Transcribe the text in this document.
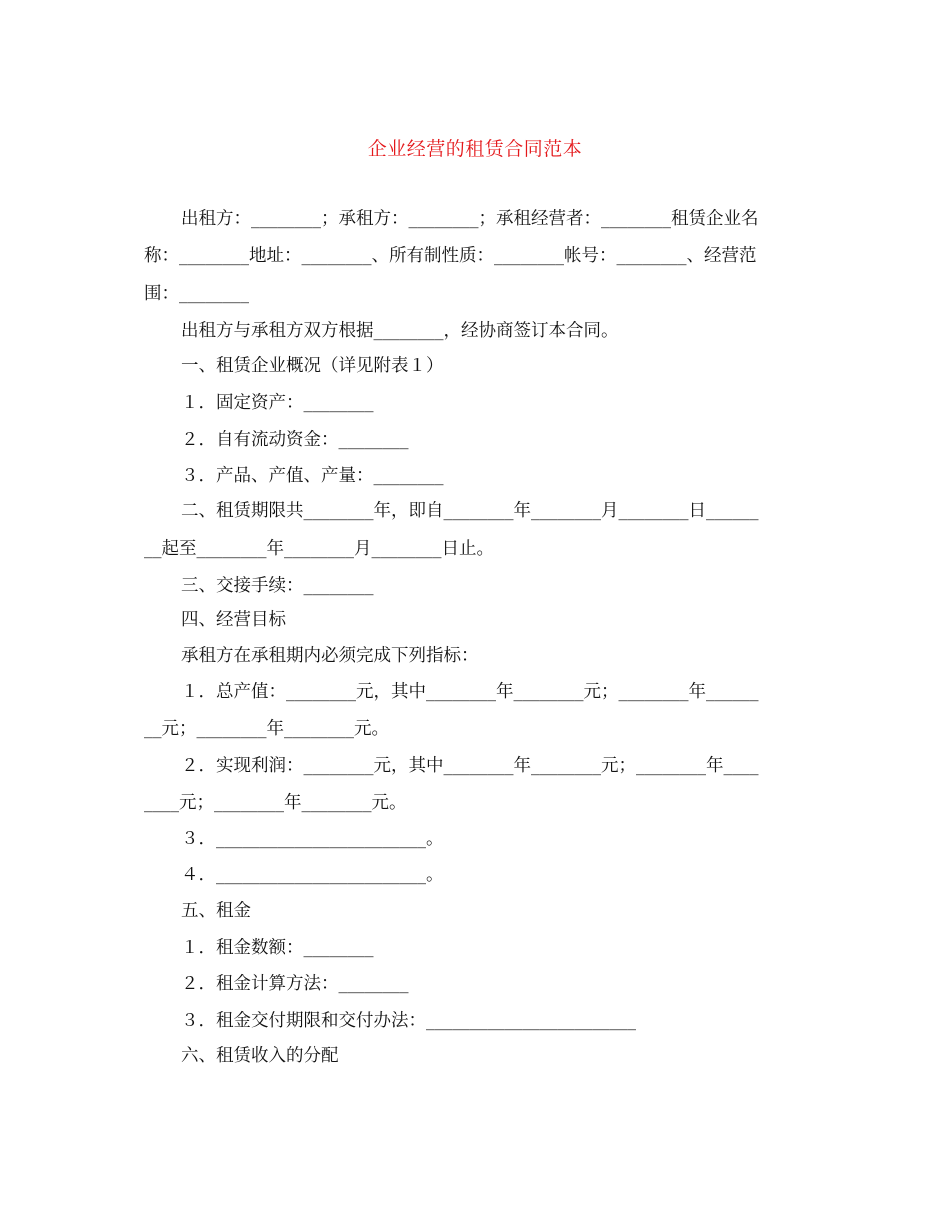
企业经营的租赁合同范本
出租方：________；承租方：________；承租经营者：________租赁企业名
称：________地址：________、所有制性质：________帐号：________、经营范
围：________
出租方与承租方双方根据________，经协商签订本合同。
一、租赁企业概况（详见附表１）
１．固定资产：________
２．自有流动资金：________
３．产品、产值、产量：________
二、租赁期限共________年，即自________年________月________日______
__起至________年________月________日止。
三、交接手续：________
四、经营目标
承租方在承租期内必须完成下列指标：
１．总产值：________元，其中________年________元；________年______
__元；________年________元。
２．实现利润：________元，其中________年________元；________年____
____元；________年________元。
３．________________________。
４．________________________。
五、租金
１．租金数额：________
２．租金计算方法：________
３．租金交付期限和交付办法：________________________
六、租赁收入的分配
